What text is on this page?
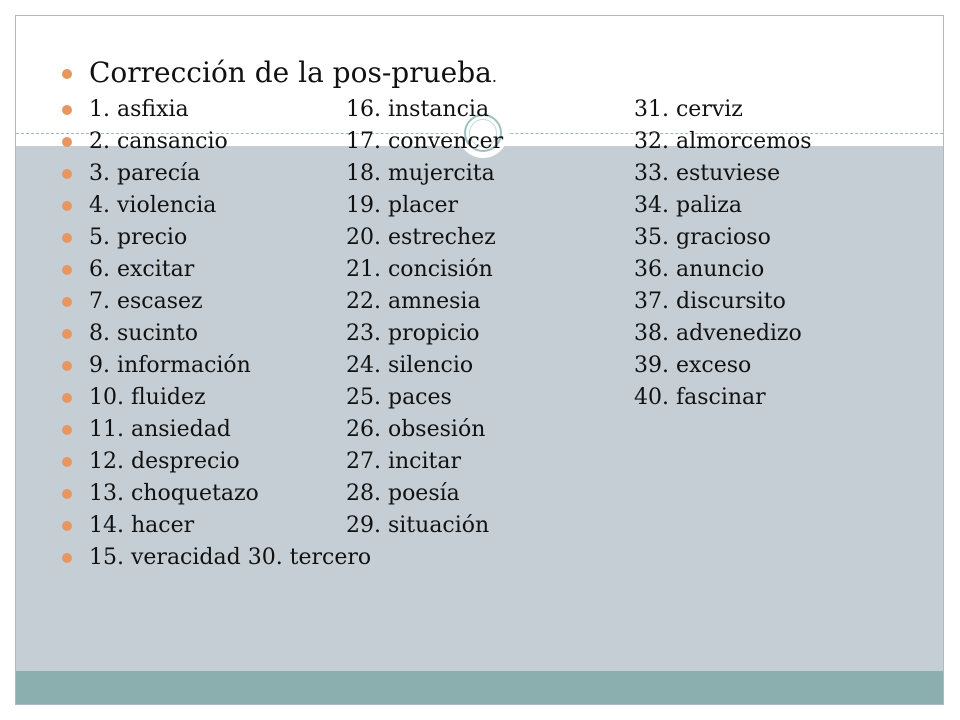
Corrección de la pos-prueba.
1. asfixia	16. instancia	31. cerviz
2. cansancio	17. convencer	32. almorcemos
3. parecía	18. mujercita	33. estuviese
4. violencia	19. placer	34. paliza
5. precio	20. estrechez	35. gracioso
6. excitar	21. concisión	36. anuncio
7. escasez	22. amnesia	37. discursito
8. sucinto	23. propicio	38. advenedizo
9. información	24. silencio	39. exceso
10. fluidez	25. paces	40. fascinar
11. ansiedad	26. obsesión
12. desprecio	27. incitar
13. choquetazo	28. poesía
14. hacer	29. situación
15. veracidad 30. tercero
